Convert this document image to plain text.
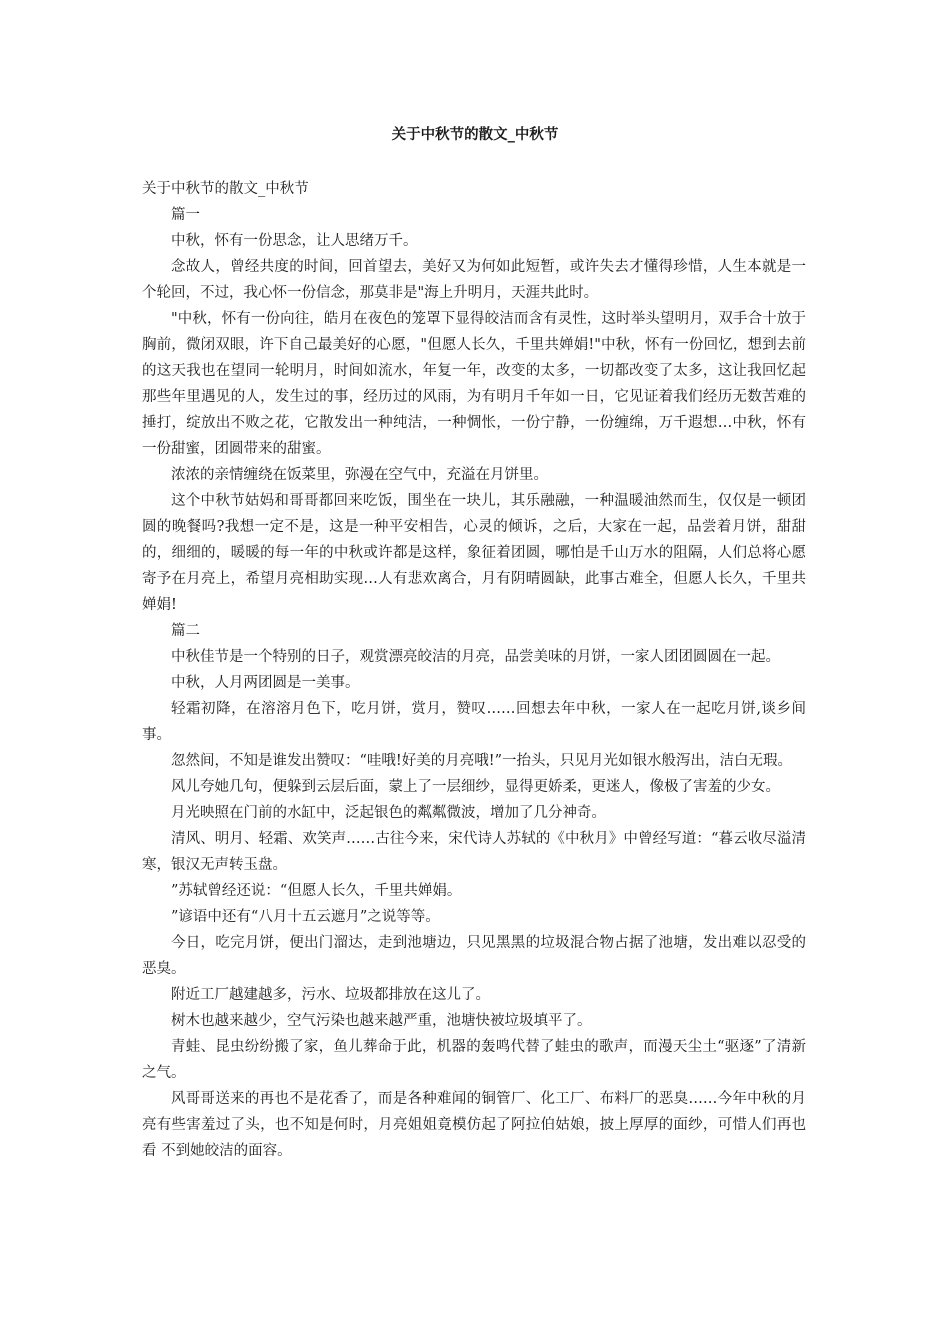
关于中秋节的散文_中秋节

关于中秋节的散文_中秋节

篇一

中秋，怀有一份思念，让人思绪万千。

念故人，曾经共度的时间，回首望去，美好又为何如此短暂，或许失去才懂得珍惜，人生本就是一个轮回，不过，我心怀一份信念，那莫非是"海上升明月，天涯共此时。

"中秋，怀有一份向往，皓月在夜色的笼罩下显得皎洁而含有灵性，这时举头望明月，双手合十放于胸前，微闭双眼，许下自己最美好的心愿，"但愿人长久，千里共婵娟!"中秋，怀有一份回忆，想到去前的这天我也在望同一轮明月，时间如流水，年复一年，改变的太多，一切都改变了太多，这让我回忆起那些年里遇见的人，发生过的事，经历过的风雨，为有明月千年如一日，它见证着我们经历无数苦难的捶打，绽放出不败之花，它散发出一种纯洁，一种惆怅，一份宁静，一份缠绵，万千遐想…中秋，怀有一份甜蜜，团圆带来的甜蜜。

浓浓的亲情缠绕在饭菜里，弥漫在空气中，充溢在月饼里。

这个中秋节姑妈和哥哥都回来吃饭，围坐在一块儿，其乐融融，一种温暖油然而生，仅仅是一顿团圆的晚餐吗?我想一定不是，这是一种平安相告，心灵的倾诉，之后，大家在一起，品尝着月饼，甜甜的，细细的，暖暖的每一年的中秋或许都是这样，象征着团圆，哪怕是千山万水的阻隔，人们总将心愿寄予在月亮上，希望月亮相助实现…人有悲欢离合，月有阴晴圆缺，此事古难全，但愿人长久，千里共婵娟!

篇二

中秋佳节是一个特别的日子，观赏漂亮皎洁的月亮，品尝美味的月饼，一家人团团圆圆在一起。

中秋，人月两团圆是一美事。

轻霜初降，在溶溶月色下，吃月饼，赏月，赞叹……回想去年中秋，一家人在一起吃月饼,谈乡间事。

忽然间，不知是谁发出赞叹：“哇哦!好美的月亮哦!”一抬头，只见月光如银水般泻出，洁白无瑕。

风儿夸她几句，便躲到云层后面，蒙上了一层细纱，显得更娇柔，更迷人，像极了害羞的少女。

月光映照在门前的水缸中，泛起银色的粼粼微波，增加了几分神奇。

清风、明月、轻霜、欢笑声……古往今来，宋代诗人苏轼的《中秋月》中曾经写道：“暮云收尽溢清寒，银汉无声转玉盘。

”苏轼曾经还说：“但愿人长久，千里共婵娟。

”谚语中还有“八月十五云遮月”之说等等。

今日，吃完月饼，便出门溜达，走到池塘边，只见黑黑的垃圾混合物占据了池塘，发出难以忍受的恶臭。

附近工厂越建越多，污水、垃圾都排放在这儿了。

树木也越来越少，空气污染也越来越严重，池塘快被垃圾填平了。

青蛙、昆虫纷纷搬了家，鱼儿葬命于此，机器的轰鸣代替了蛙虫的歌声，而漫天尘土“驱逐”了清新之气。

风哥哥送来的再也不是花香了，而是各种难闻的铜管厂、化工厂、布料厂的恶臭……今年中秋的月亮有些害羞过了头，也不知是何时，月亮姐姐竟模仿起了阿拉伯姑娘，披上厚厚的面纱，可惜人们再也看 不到她皎洁的面容。
